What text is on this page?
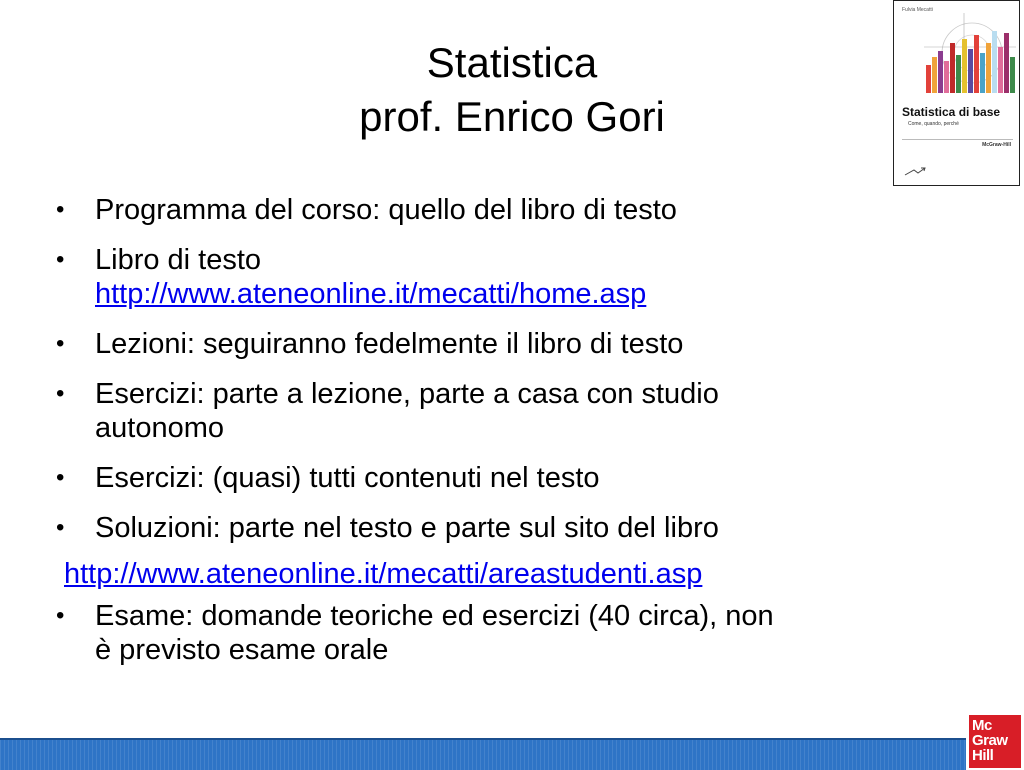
Statistica
prof. Enrico Gori
Fulvia Mecatti
Statistica di base
Come, quando, perché
McGraw-Hill
• Programma del corso: quello del libro di testo
• Libro di testo
http://www.ateneonline.it/mecatti/home.asp
• Lezioni: seguiranno fedelmente il libro di testo
• Esercizi: parte a lezione, parte a casa con studio
autonomo
• Esercizi: (quasi) tutti contenuti nel testo
• Soluzioni: parte nel testo e parte sul sito del libro
http://www.ateneonline.it/mecatti/areastudenti.asp
• Esame: domande teoriche ed esercizi (40 circa), non
è previsto esame orale
Mc
Graw
Hill
